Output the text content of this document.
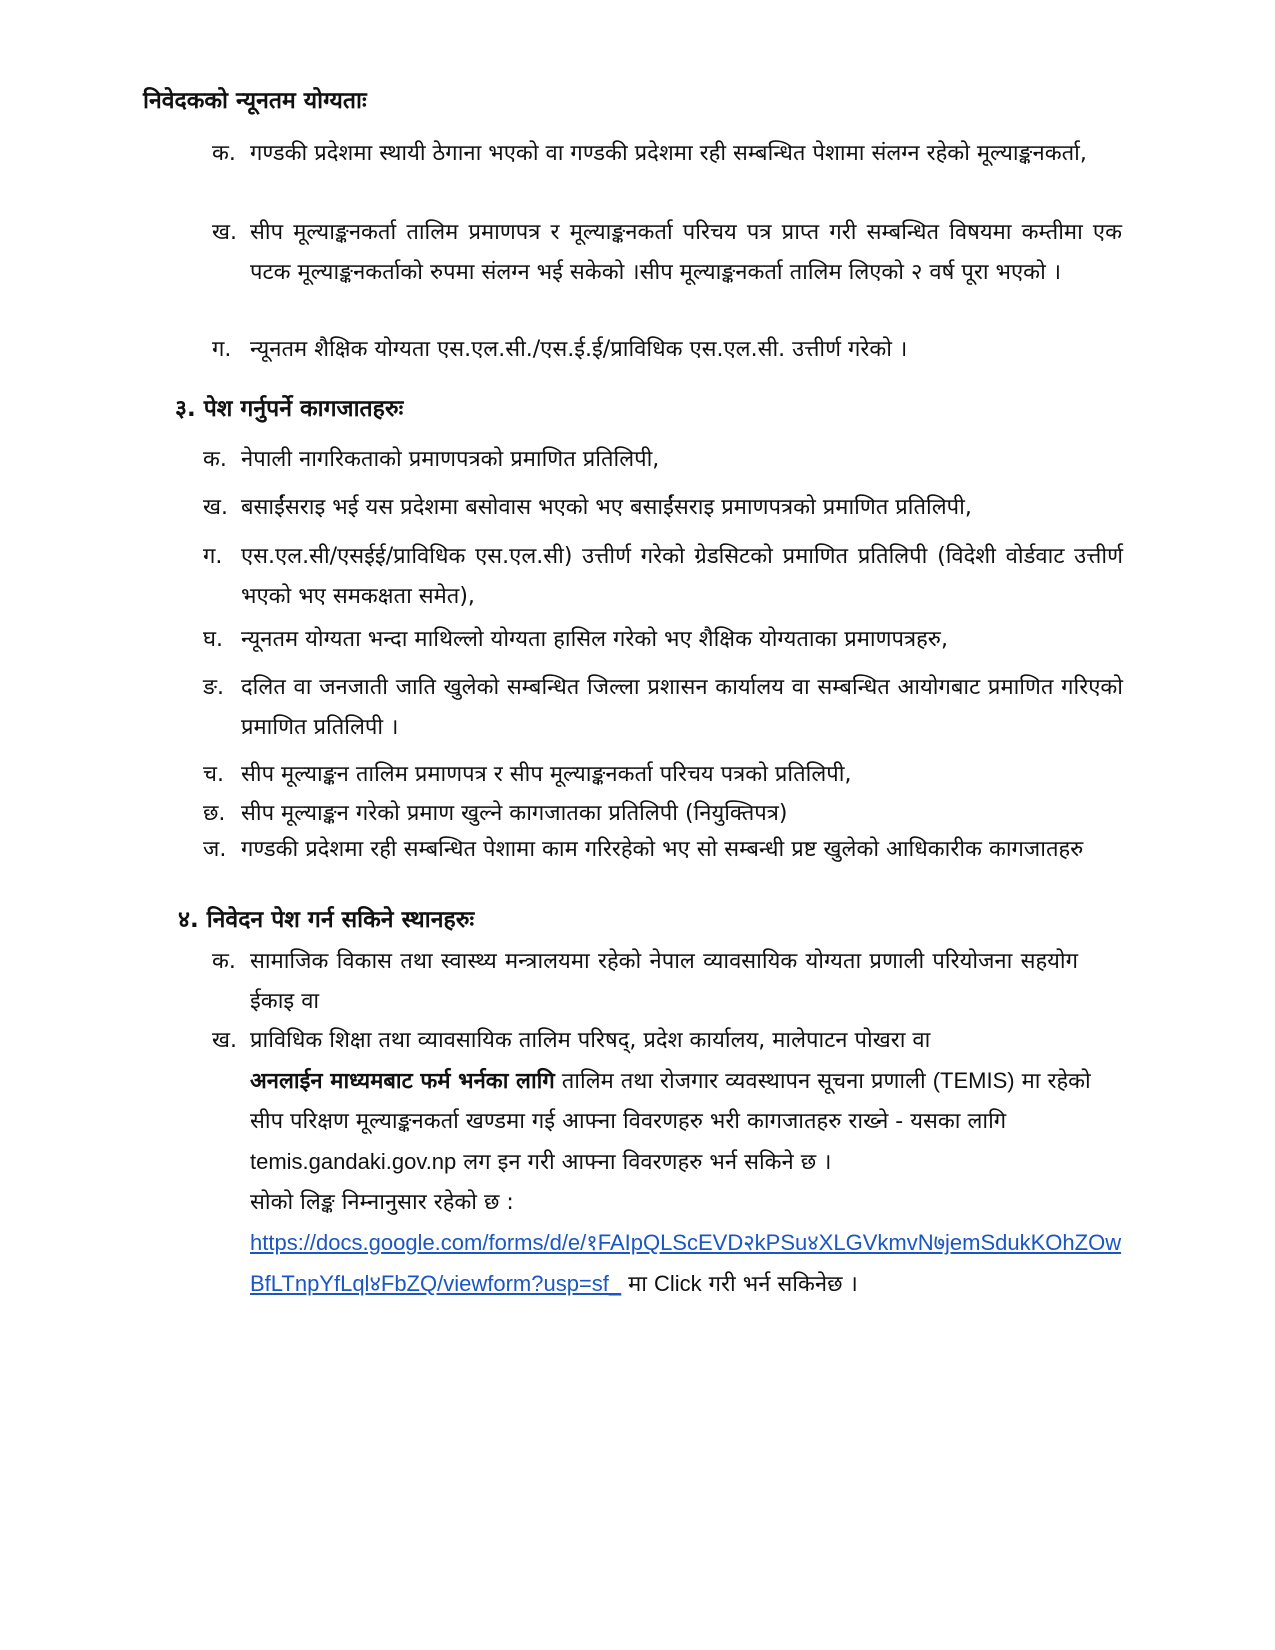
निवेदकको न्यूनतम योग्यताः
क. गण्डकी प्रदेशमा स्थायी ठेगाना भएको वा गण्डकी प्रदेशमा रही सम्बन्धित पेशामा संलग्न रहेको मूल्याङ्कनकर्ता,
ख. सीप मूल्याङ्कनकर्ता तालिम प्रमाणपत्र र मूल्याङ्कनकर्ता परिचय पत्र प्राप्त गरी सम्बन्धित विषयमा कम्तीमा एक पटक मूल्याङ्कनकर्ताको रुपमा संलग्न भई सकेको ।सीप मूल्याङ्कनकर्ता तालिम लिएको २ वर्ष पूरा भएको ।
ग. न्यूनतम शैक्षिक योग्यता एस.एल.सी./एस.ई.ई/प्राविधिक एस.एल.सी. उत्तीर्ण गरेको ।
३. पेश गर्नुपर्ने कागजातहरुः
क. नेपाली नागरिकताको प्रमाणपत्रको प्रमाणित प्रतिलिपी,
ख. बसाईंसराइ भई यस प्रदेशमा बसोवास भएको भए बसाईंसराइ प्रमाणपत्रको प्रमाणित प्रतिलिपी,
ग. एस.एल.सी/एसईई/प्राविधिक एस.एल.सी) उत्तीर्ण गरेको ग्रेडसिटको प्रमाणित प्रतिलिपी (विदेशी वोर्डवाट उत्तीर्ण भएको भए समकक्षता समेत),
घ. न्यूनतम योग्यता भन्दा माथिल्लो योग्यता हासिल गरेको भए शैक्षिक योग्यताका प्रमाणपत्रहरु,
ङ. दलित वा जनजाती जाति खुलेको सम्बन्धित जिल्ला प्रशासन कार्यालय वा सम्बन्धित आयोगबाट प्रमाणित गरिएको प्रमाणित प्रतिलिपी ।
च. सीप मूल्याङ्कन तालिम प्रमाणपत्र र सीप मूल्याङ्कनकर्ता परिचय पत्रको प्रतिलिपी,
छ. सीप मूल्याङ्कन गरेको प्रमाण खुल्ने कागजातका प्रतिलिपी (नियुक्तिपत्र)
ज. गण्डकी प्रदेशमा रही सम्बन्धित पेशामा काम गरिरहेको भए सो सम्बन्धी प्रष्ट खुलेको आधिकारीक कागजातहरु
४. निवेदन पेश गर्न सकिने स्थानहरुः
क. सामाजिक विकास तथा स्वास्थ्य मन्त्रालयमा रहेको नेपाल व्यावसायिक योग्यता प्रणाली परियोजना सहयोग ईकाइ वा
ख. प्राविधिक शिक्षा तथा व्यावसायिक तालिम परिषद्, प्रदेश कार्यालय, मालेपाटन पोखरा वा
अनलाईन माध्यमबाट फर्म भर्नका लागि तालिम तथा रोजगार व्यवस्थापन सूचना प्रणाली (TEMIS) मा रहेको सीप परिक्षण मूल्याङ्कनकर्ता खण्डमा गई आफ्ना विवरणहरु भरी कागजातहरु राख्ने - यसका लागि temis.gandaki.gov.np लग इन गरी आफ्ना विवरणहरु भर्न सकिने छ ।
सोको लिङ्क निम्नानुसार रहेको छ :
https://docs.google.com/forms/d/e/१FAIpQLScEVD२kPSu४XLGVkmvN७jemSdukKOhZOwBfLTnpYfLql४FbZQ/viewform?usp=sf_ मा Click गरी भर्न सकिनेछ ।
